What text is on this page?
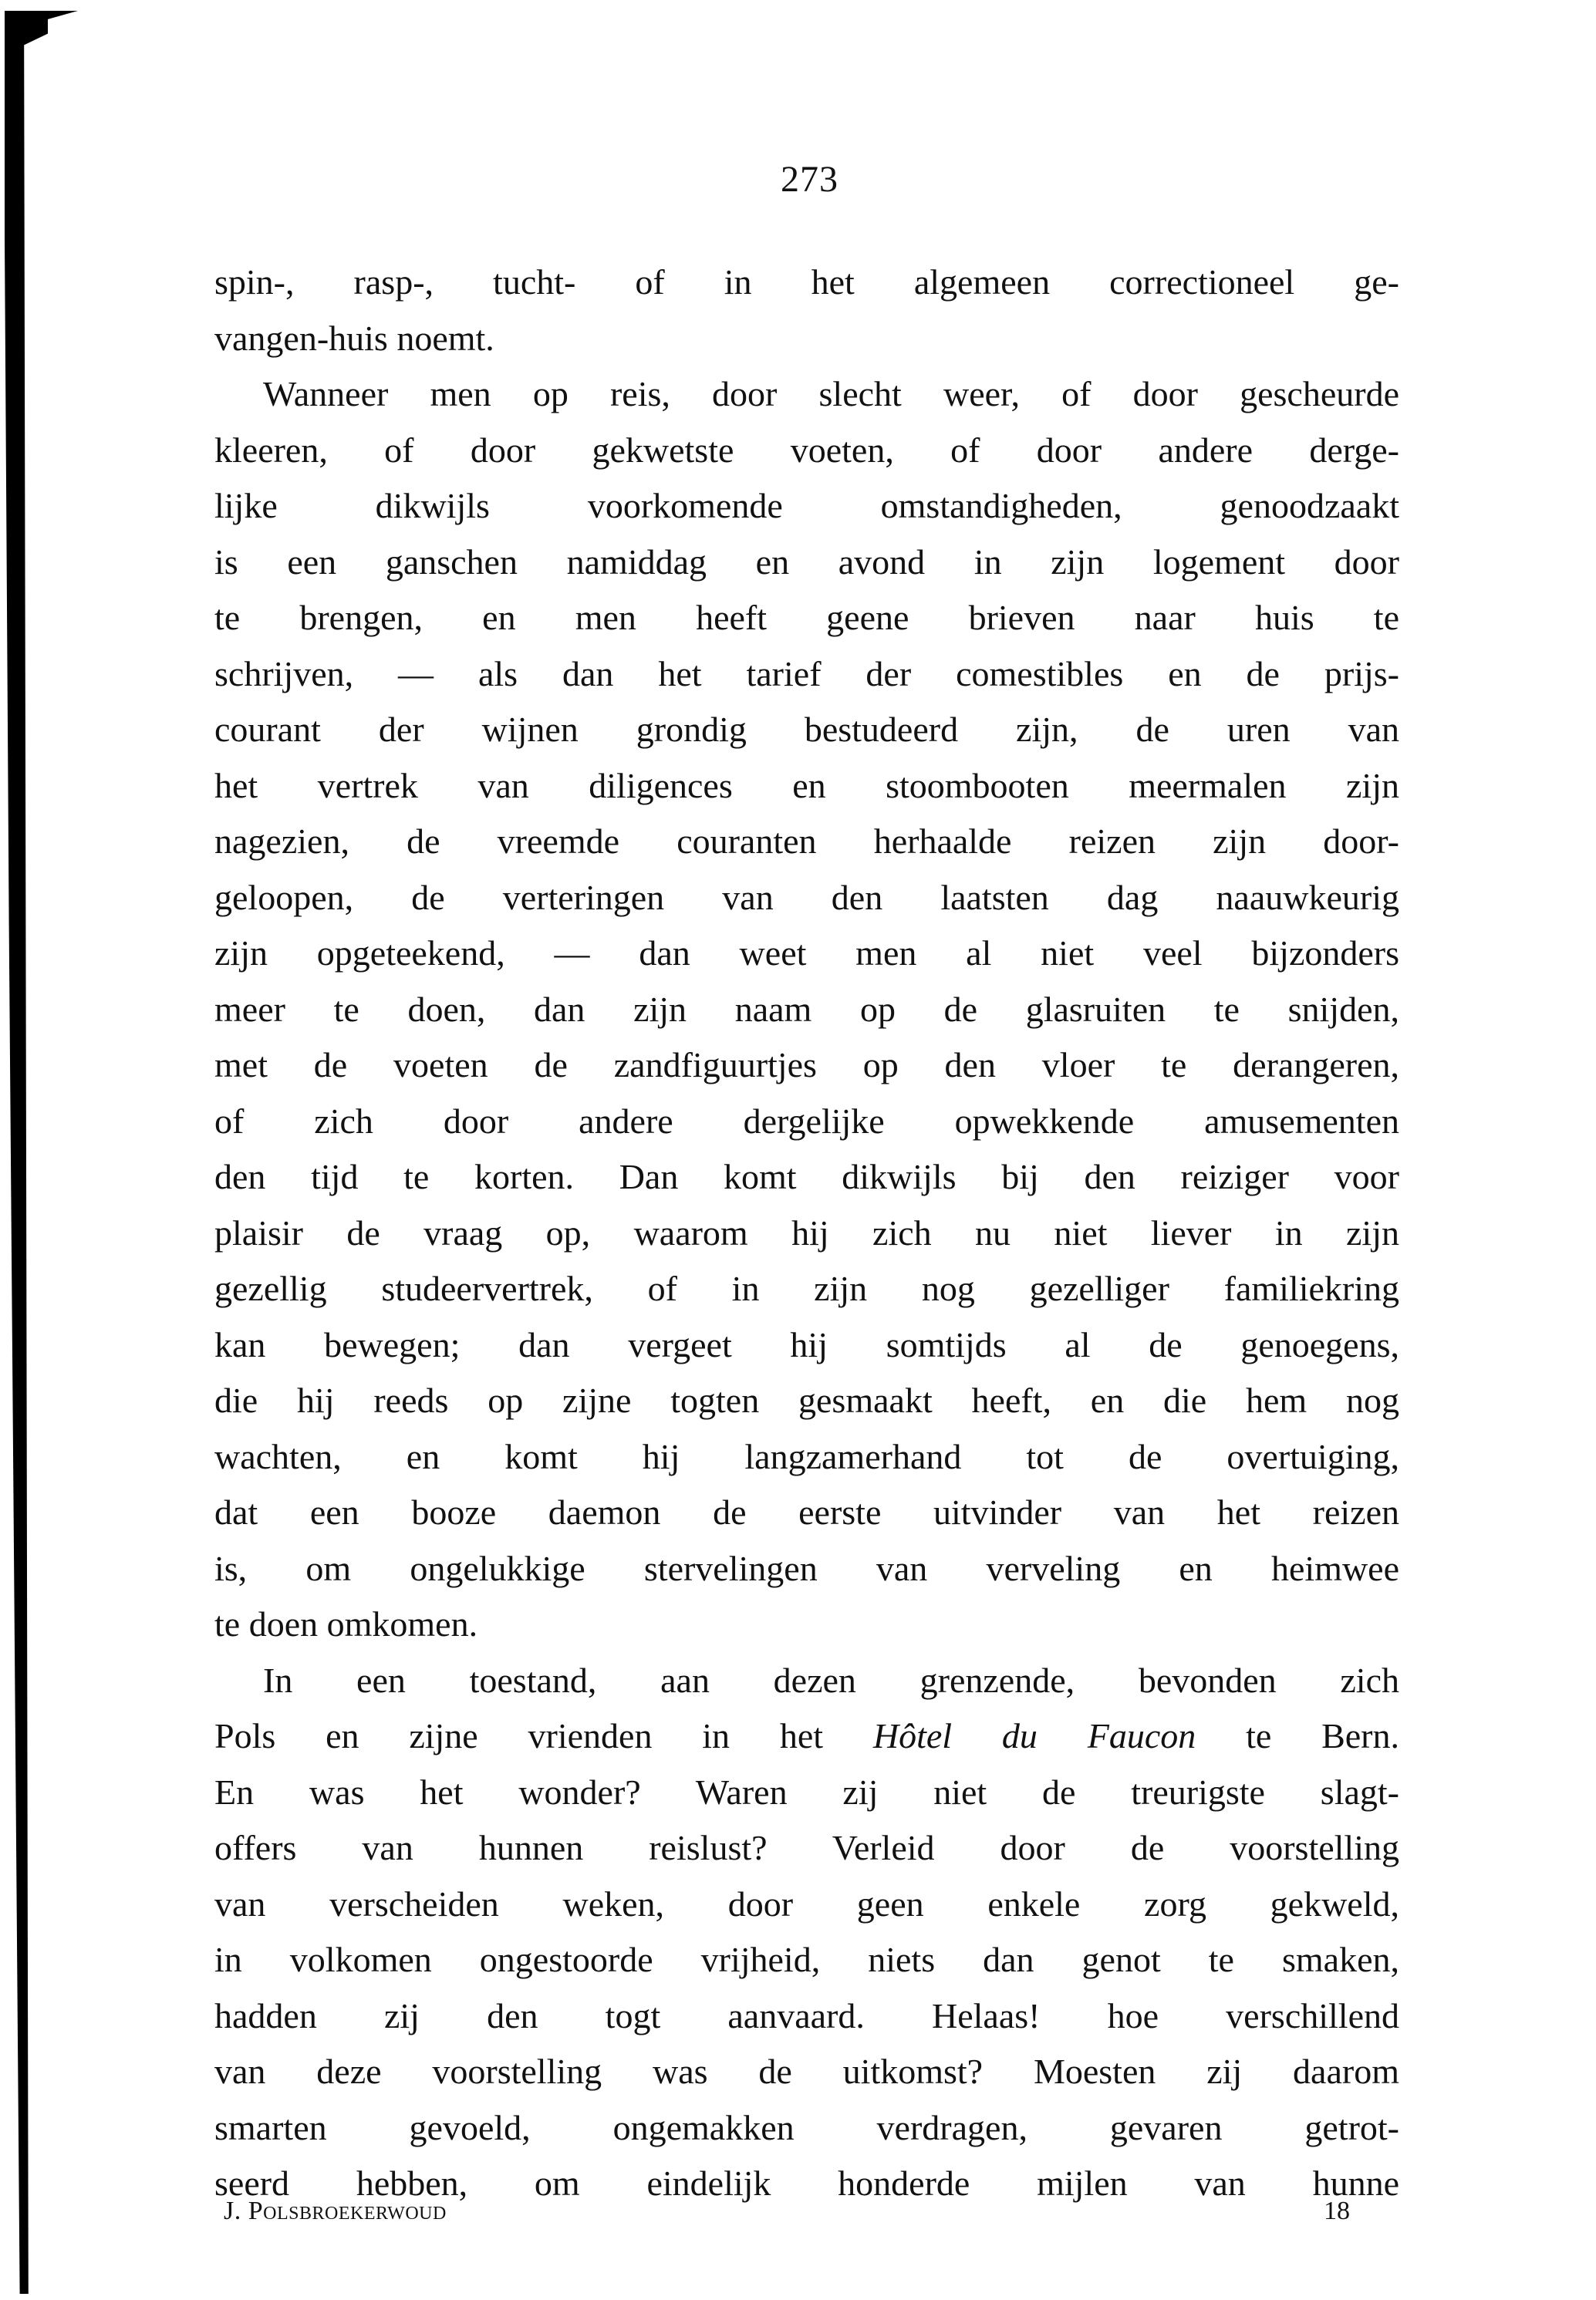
273
spin-, rasp-, tucht- of in het algemeen correctioneel ge-
vangen-huis noemt.
Wanneer men op reis, door slecht weer, of door gescheurde
kleeren, of door gekwetste voeten, of door andere derge-
lijke dikwijls voorkomende omstandigheden, genoodzaakt
is een ganschen namiddag en avond in zijn logement door
te brengen, en men heeft geene brieven naar huis te
schrijven, — als dan het tarief der comestibles en de prijs-
courant der wijnen grondig bestudeerd zijn, de uren van
het vertrek van diligences en stoombooten meermalen zijn
nagezien, de vreemde couranten herhaalde reizen zijn door-
geloopen, de verteringen van den laatsten dag naauwkeurig
zijn opgeteekend, — dan weet men al niet veel bijzonders
meer te doen, dan zijn naam op de glasruiten te snijden,
met de voeten de zandfiguurtjes op den vloer te derangeren,
of zich door andere dergelijke opwekkende amusementen
den tijd te korten. Dan komt dikwijls bij den reiziger voor
plaisir de vraag op, waarom hij zich nu niet liever in zijn
gezellig studeervertrek, of in zijn nog gezelliger familiekring
kan bewegen; dan vergeet hij somtijds al de genoegens,
die hij reeds op zijne togten gesmaakt heeft, en die hem nog
wachten, en komt hij langzamerhand tot de overtuiging,
dat een booze daemon de eerste uitvinder van het reizen
is, om ongelukkige stervelingen van verveling en heimwee
te doen omkomen.
In een toestand, aan dezen grenzende, bevonden zich
Pols en zijne vrienden in het Hôtel du Faucon te Bern.
En was het wonder? Waren zij niet de treurigste slagt-
offers van hunnen reislust? Verleid door de voorstelling
van verscheiden weken, door geen enkele zorg gekweld,
in volkomen ongestoorde vrijheid, niets dan genot te smaken,
hadden zij den togt aanvaard. Helaas! hoe verschillend
van deze voorstelling was de uitkomst? Moesten zij daarom
smarten gevoeld, ongemakken verdragen, gevaren getrot-
seerd hebben, om eindelijk honderde mijlen van hunne
J. Polsbroekerwoud	18
